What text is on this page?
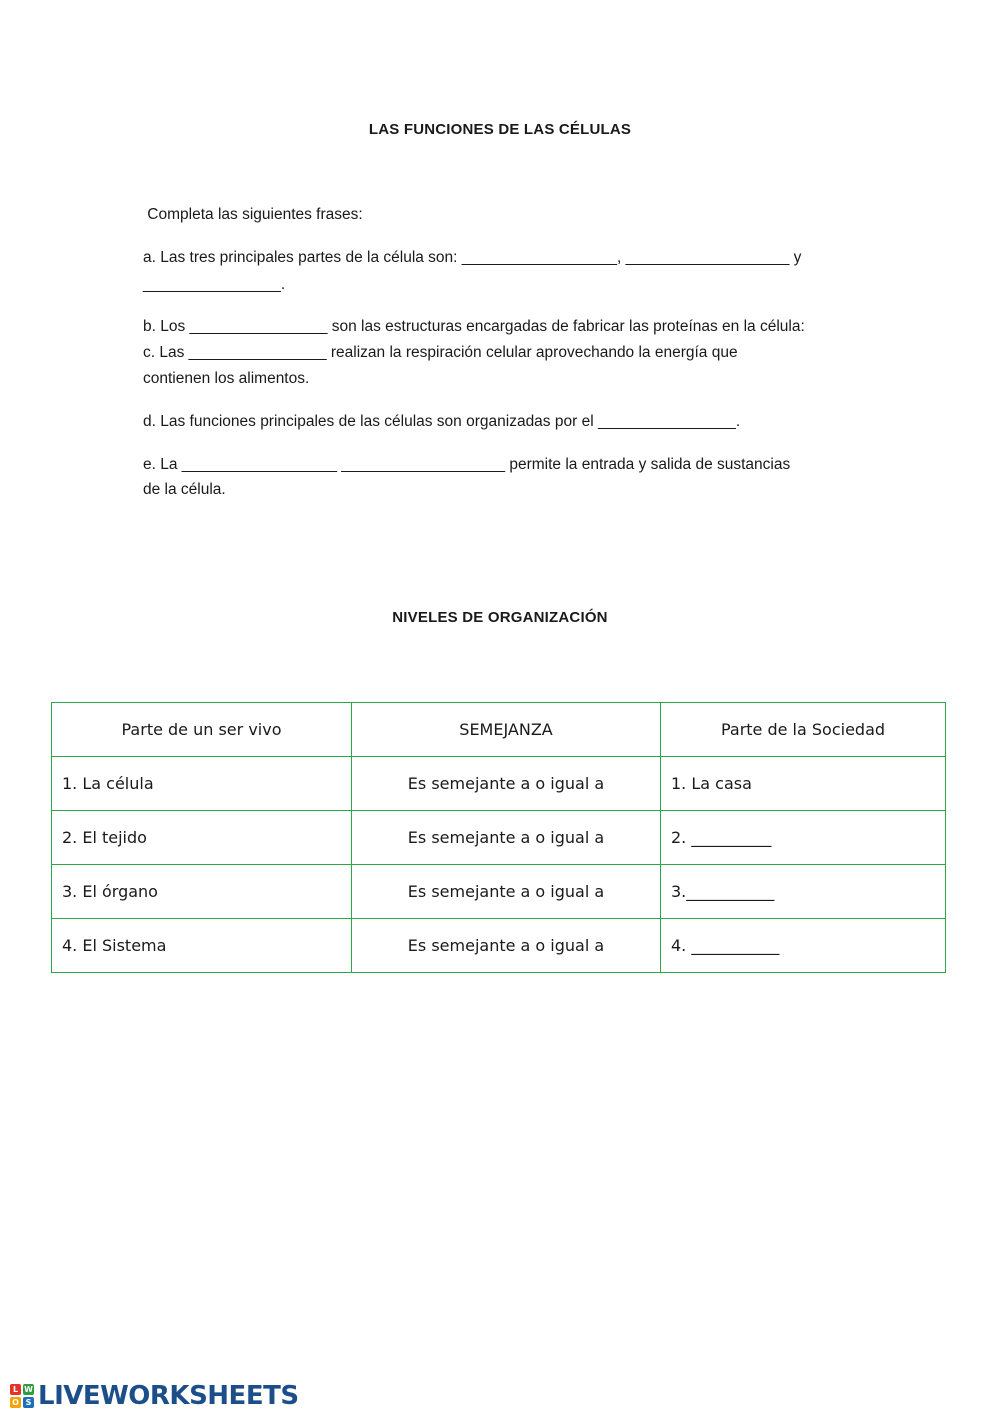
LAS FUNCIONES DE LAS CÉLULAS
Completa las siguientes frases:
a. Las tres principales partes de la célula son: __________________, ___________________ y
________________.
b. Los ________________ son las estructuras encargadas de fabricar las proteínas en la célula:
c. Las ________________ realizan la respiración celular aprovechando la energía que
contienen los alimentos.
d. Las funciones principales de las células son organizadas por el ________________.
e. La __________________ ___________________ permite la entrada y salida de sustancias
de la célula.
NIVELES DE ORGANIZACIÓN
Parte de un ser vivo	SEMEJANZA	Parte de la Sociedad
1. La célula	Es semejante a o igual a	1. La casa
2. El tejido	Es semejante a o igual a	2. __________
3. El órgano	Es semejante a o igual a	3.___________
4. El Sistema	Es semejante a o igual a	4. ___________
L W
O S LIVEWORKSHEETS
